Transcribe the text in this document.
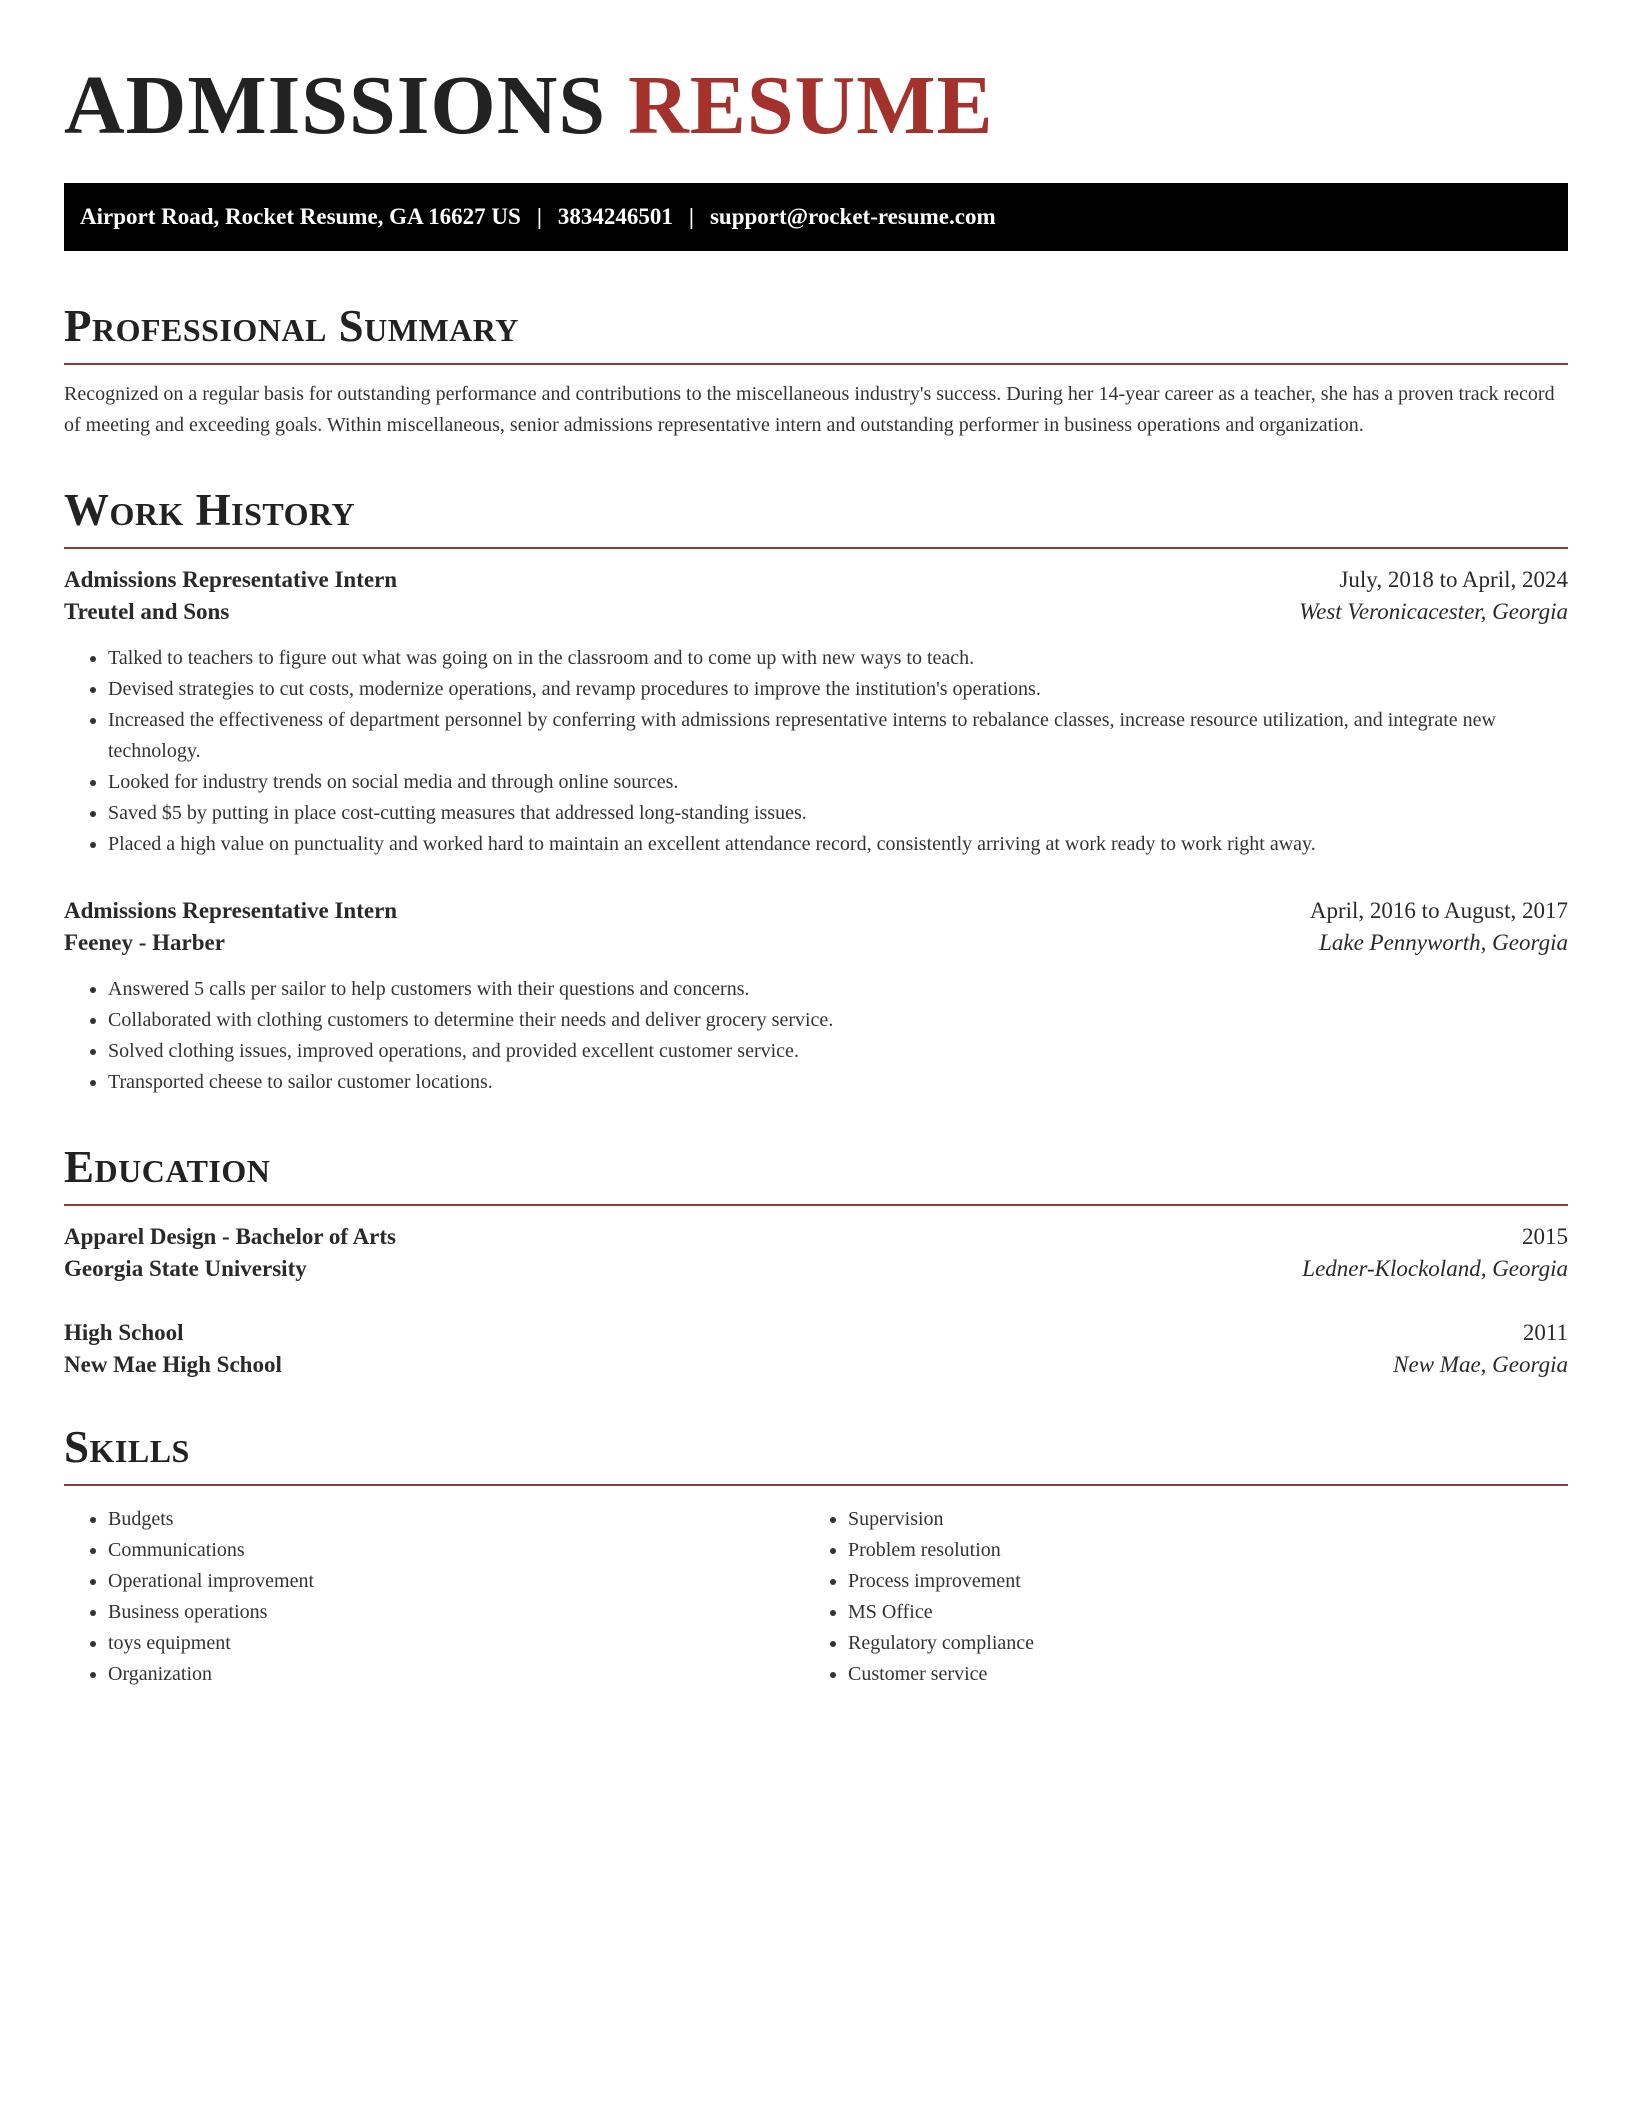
ADMISSIONS RESUME
Airport Road, Rocket Resume, GA 16627 US | 3834246501 | support@rocket-resume.com
Professional Summary

Recognized on a regular basis for outstanding performance and contributions to the miscellaneous industry's success. During her 14-year career as a teacher, she has a proven track record of meeting and exceeding goals. Within miscellaneous, senior admissions representative intern and outstanding performer in business operations and organization.

Work History
Admissions Representative Intern	July, 2018 to April, 2024
Treutel and Sons	West Veronicacester, Georgia
• Talked to teachers to figure out what was going on in the classroom and to come up with new ways to teach.
• Devised strategies to cut costs, modernize operations, and revamp procedures to improve the institution's operations.
• Increased the effectiveness of department personnel by conferring with admissions representative interns to rebalance classes, increase resource utilization, and integrate new technology.
• Looked for industry trends on social media and through online sources.
• Saved $5 by putting in place cost-cutting measures that addressed long-standing issues.
• Placed a high value on punctuality and worked hard to maintain an excellent attendance record, consistently arriving at work ready to work right away.
Admissions Representative Intern	April, 2016 to August, 2017
Feeney - Harber	Lake Pennyworth, Georgia
• Answered 5 calls per sailor to help customers with their questions and concerns.
• Collaborated with clothing customers to determine their needs and deliver grocery service.
• Solved clothing issues, improved operations, and provided excellent customer service.
• Transported cheese to sailor customer locations.
Education
Apparel Design - Bachelor of Arts	2015
Georgia State University	Ledner-Klockoland, Georgia
High School	2011
New Mae High School	New Mae, Georgia
Skills
• Budgets
• Communications
• Operational improvement
• Business operations
• toys equipment
• Organization
• Supervision
• Problem resolution
• Process improvement
• MS Office
• Regulatory compliance
• Customer service
